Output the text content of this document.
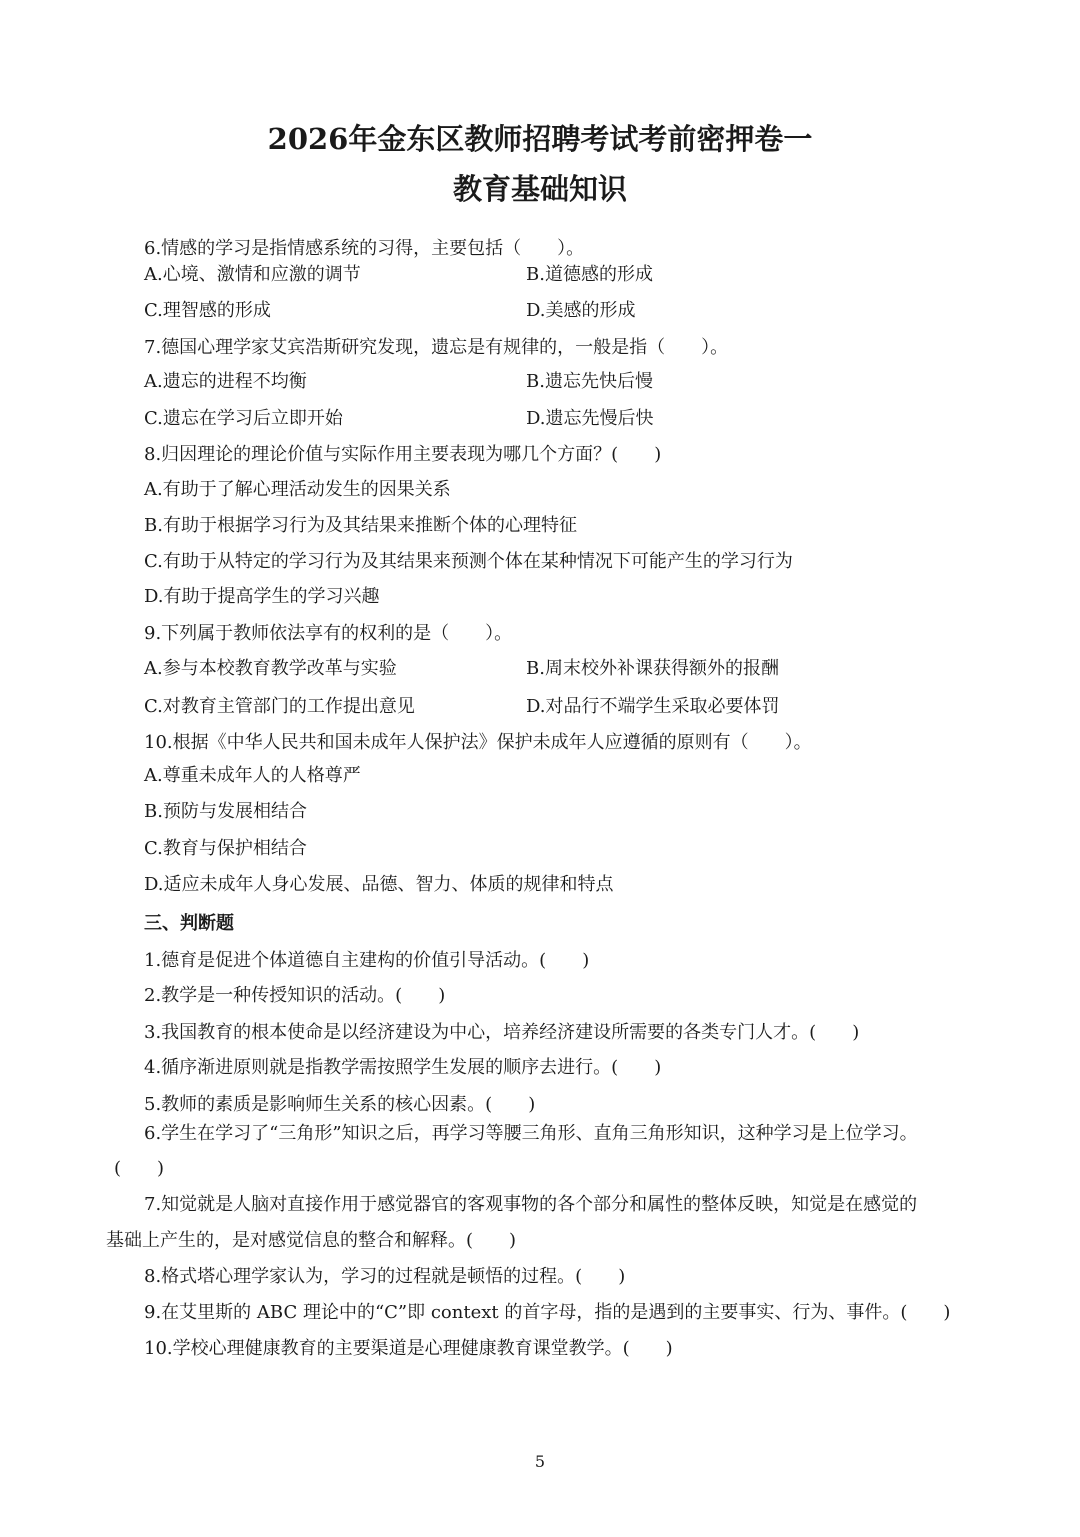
2026年金东区教师招聘考试考前密押卷一
教育基础知识

6.情感的学习是指情感系统的习得，主要包括（　　）。

A.心境、激情和应激的调节	B.道德感的形成

C.理智感的形成	D.美感的形成

7.德国心理学家艾宾浩斯研究发现，遗忘是有规律的，一般是指（　　）。

A.遗忘的进程不均衡	B.遗忘先快后慢

C.遗忘在学习后立即开始	D.遗忘先慢后快

8.归因理论的理论价值与实际作用主要表现为哪几个方面？(　　)

A.有助于了解心理活动发生的因果关系

B.有助于根据学习行为及其结果来推断个体的心理特征

C.有助于从特定的学习行为及其结果来预测个体在某种情况下可能产生的学习行为

D.有助于提高学生的学习兴趣

9.下列属于教师依法享有的权利的是（　　）。

A.参与本校教育教学改革与实验	B.周末校外补课获得额外的报酬

C.对教育主管部门的工作提出意见	D.对品行不端学生采取必要体罚

10.根据《中华人民共和国未成年人保护法》保护未成年人应遵循的原则有（　　）。

A.尊重未成年人的人格尊严

B.预防与发展相结合

C.教育与保护相结合

D.适应未成年人身心发展、品德、智力、体质的规律和特点

三、判断题

1.德育是促进个体道德自主建构的价值引导活动。(　　)

2.教学是一种传授知识的活动。(　　)

3.我国教育的根本使命是以经济建设为中心，培养经济建设所需要的各类专门人才。(　　)

4.循序渐进原则就是指教学需按照学生发展的顺序去进行。(　　)

5.教师的素质是影响师生关系的核心因素。(　　)

6.学生在学习了“三角形”知识之后，再学习等腰三角形、直角三角形知识，这种学习是上位学习。

(　　)

7.知觉就是人脑对直接作用于感觉器官的客观事物的各个部分和属性的整体反映，知觉是在感觉的

基础上产生的，是对感觉信息的整合和解释。(　　)

8.格式塔心理学家认为，学习的过程就是顿悟的过程。(　　)

9.在艾里斯的 ABC 理论中的“C”即 context 的首字母，指的是遇到的主要事实、行为、事件。(　　)

10.学校心理健康教育的主要渠道是心理健康教育课堂教学。(　　)

5
